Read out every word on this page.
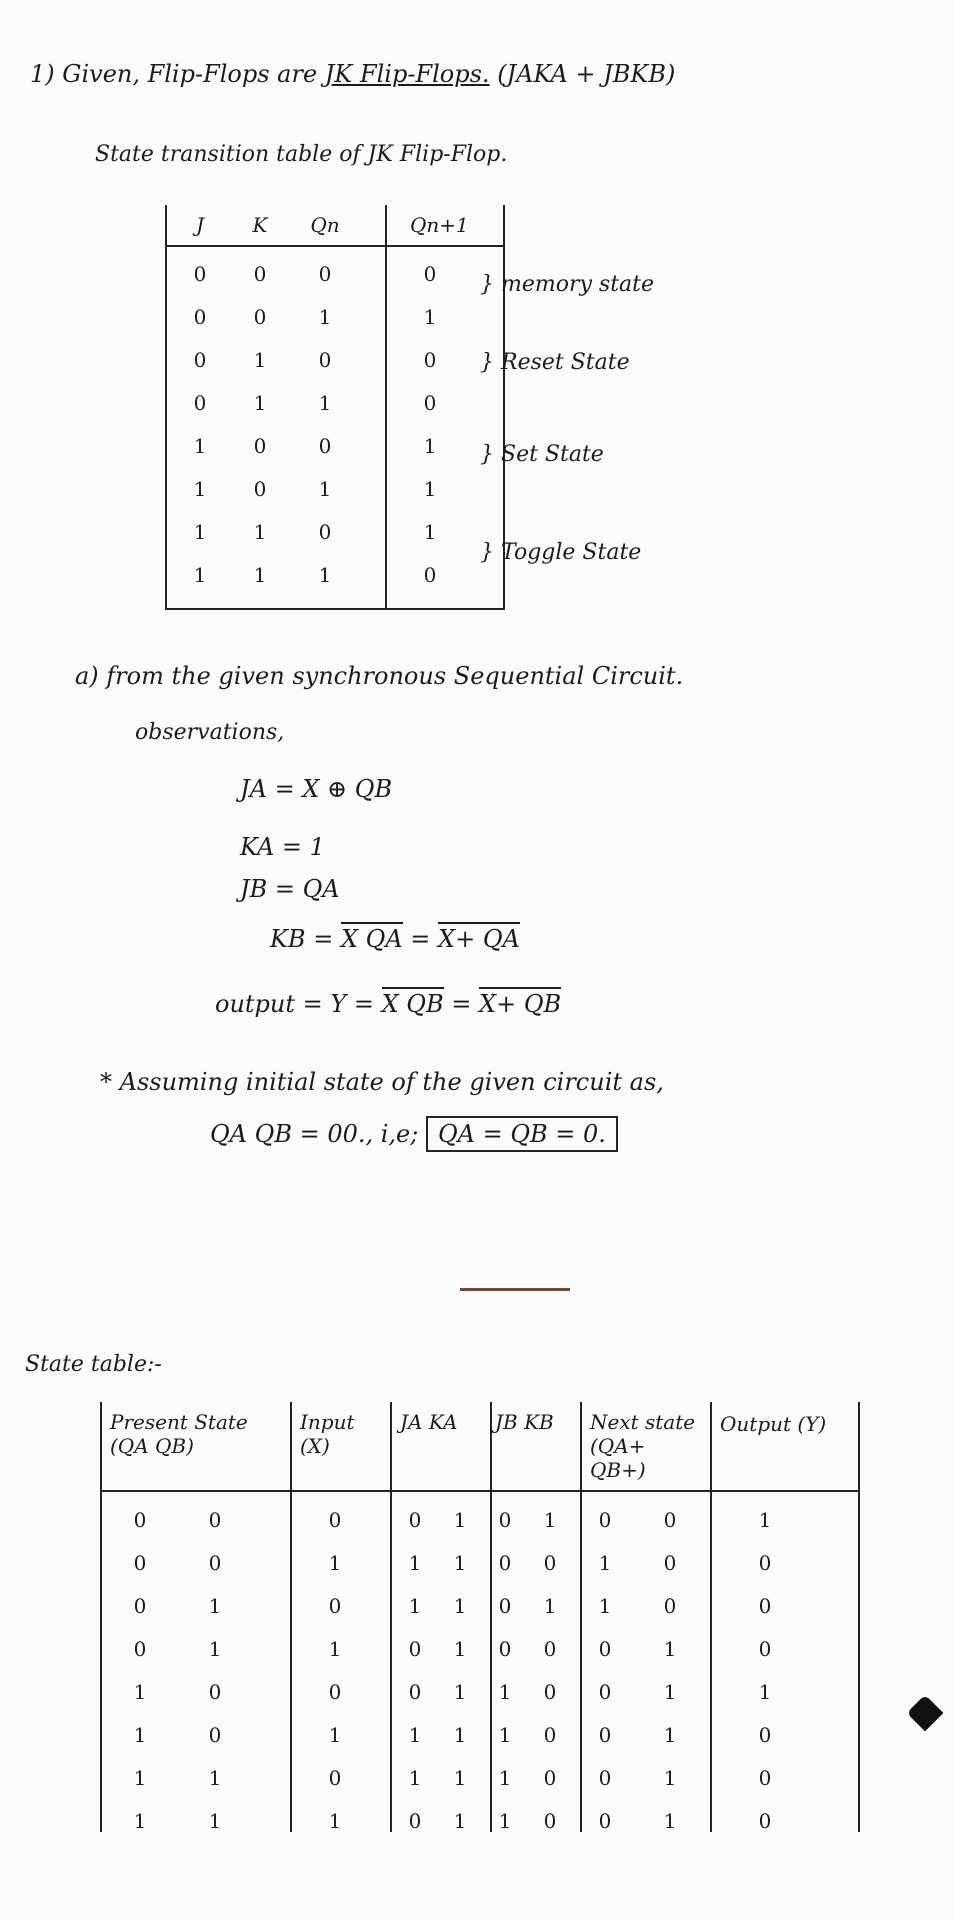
1) Given, Flip-Flops are JK Flip-Flops. (JAKA + JBKB)
State transition table of JK Flip-Flop.
J	K	Qn	Qn+1
0	0	0	0
0	0	1	1
0	1	0	0
0	1	1	0
1	0	0	1
1	0	1	1
1	1	0	1
1	1	1	0
} memory state
} Reset State
} Set State
} Toggle State
a) from the given synchronous Sequential Circuit.
observations,
JA = X ⊕ QB
KA = 1
JB = QA
KB = X QA = X+ QA
output = Y = X QB = X+ QB
* Assuming initial state of the given circuit as,
QA QB = 00., i,e; QA = QB = 0.
State table:-
Present State (QA QB)
Input (X)
JA KA JB KB Next state (QA+ QB+)
Output (Y)
0	0	0	0	1	0	1	0	0	1
0	0	1	1	1	0	0	1	0	0
0	1	0	1	1	0	1	1	0	0
0	1	1	0	1	0	0	0	1	0
1	0	0	0	1	1	0	0	1	1
1	0	1	1	1	1	0	0	1	0
1	1	0	1	1	1	0	0	1	0
1	1	1	0	1	1	0	0	1	0
